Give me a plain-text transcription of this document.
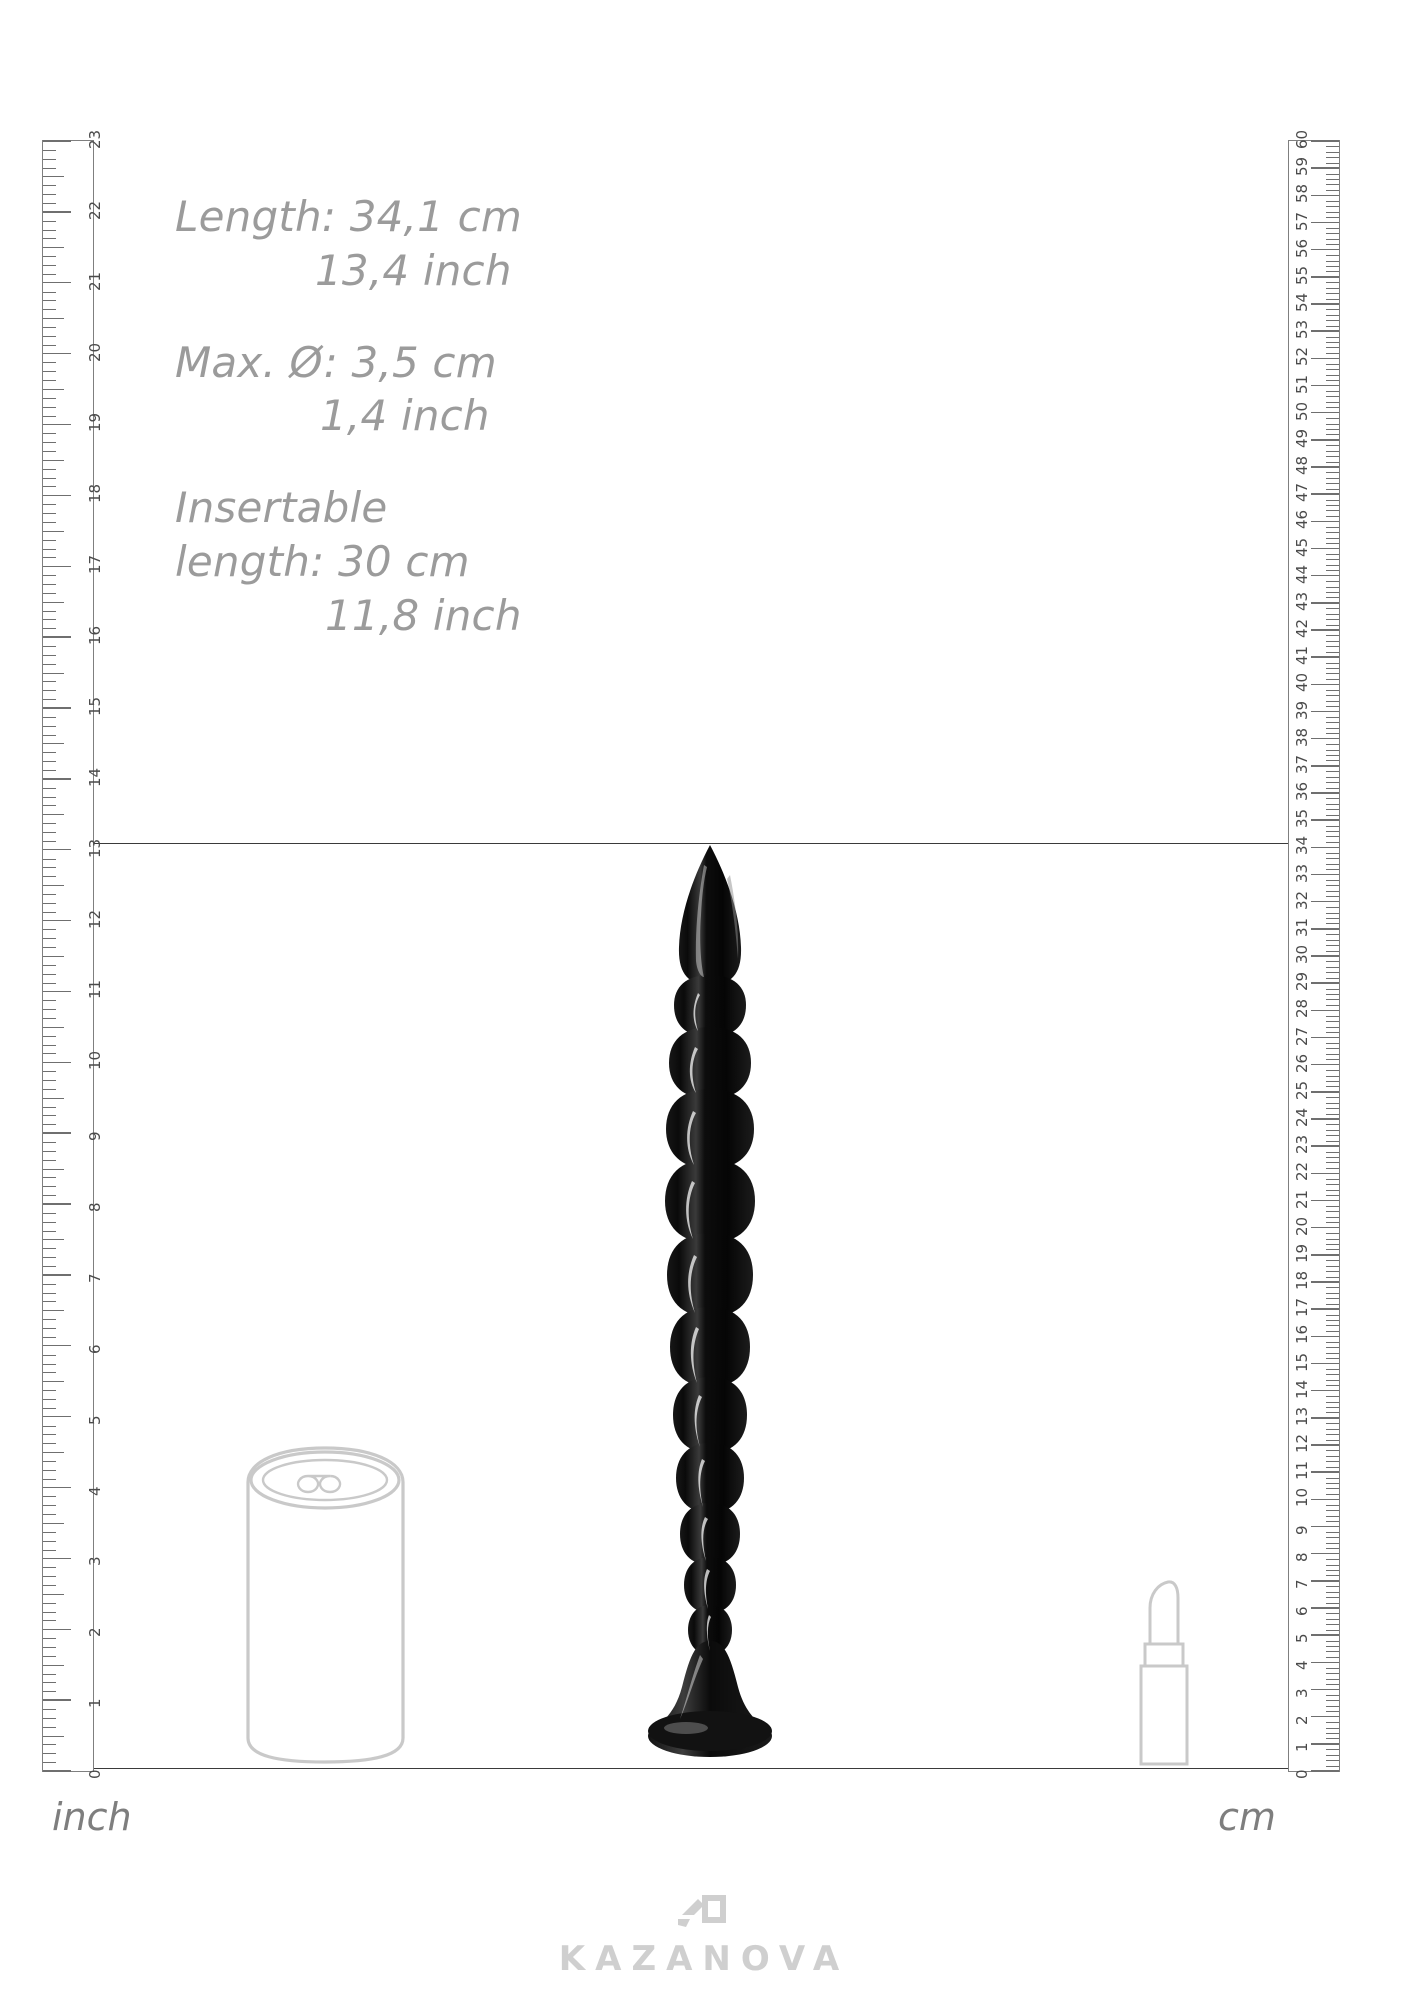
Length: 34,1 cm
13,4 inch
Max. Ø: 3,5 cm
1,4 inch
Insertable
length: 30 cm
11,8 inch
0
1
2
3
4
5
6
7
8
9
10
11
12
13
14
15
16
17
18
19
20
21
22
23
inch
0
1
2
3
4
5
6
7
8
9
10
11
12
13
14
15
16
17
18
19
20
21
22
23
24
25
26
27
28
29
30
31
32
33
34
35
36
37
38
39
40
41
42
43
44
45
46
47
48
49
50
51
52
53
54
55
56
57
58
59
60
cm
KAZANOVA
